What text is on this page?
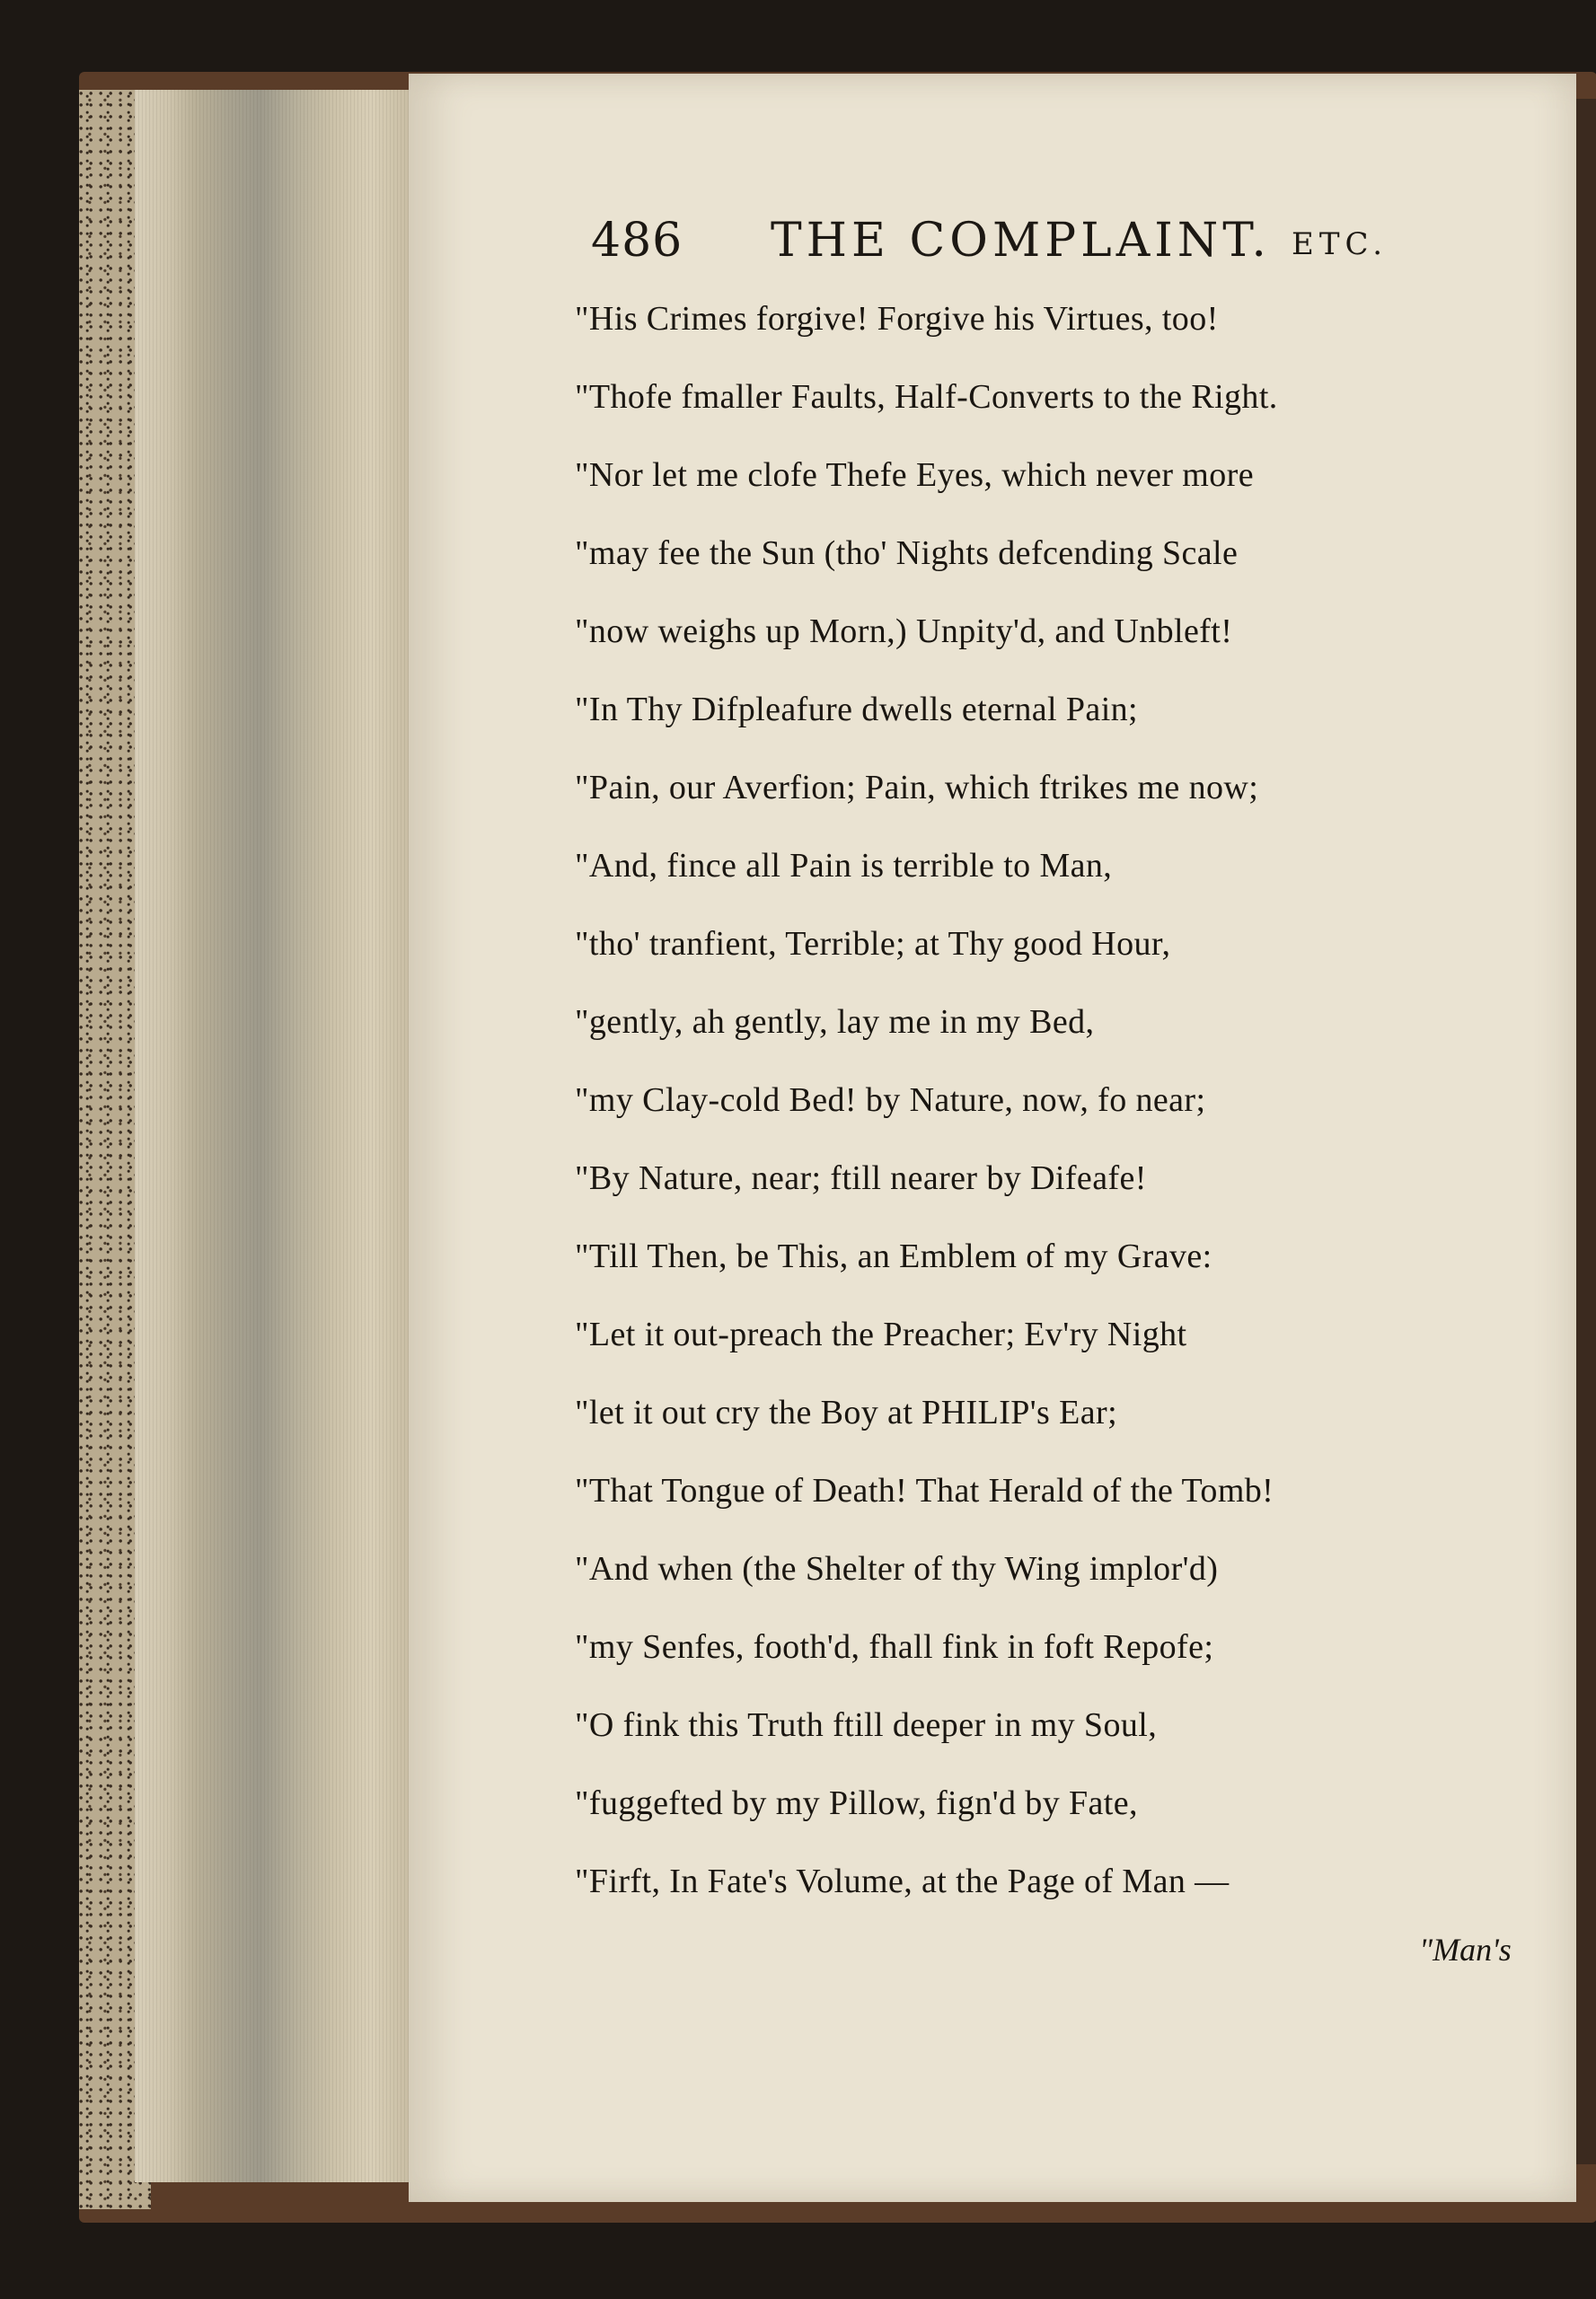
486 THE COMPLAINT. ETC.
"His Crimes forgive! Forgive his Virtues, too!
"Thofe fmaller Faults, Half-Converts to the Right.
"Nor let me clofe Thefe Eyes, which never more
"may fee the Sun (tho' Nights defcending Scale
"now weighs up Morn,) Unpity'd, and Unbleft!
"In Thy Difpleafure dwells eternal Pain;
"Pain, our Averfion; Pain, which ftrikes me now;
"And, fince all Pain is terrible to Man,
"tho' tranfient, Terrible; at Thy good Hour,
"gently, ah gently, lay me in my Bed,
"my Clay-cold Bed! by Nature, now, fo near;
"By Nature, near; ftill nearer by Difeafe!
"Till Then, be This, an Emblem of my Grave:
"Let it out-preach the Preacher; Ev'ry Night
"let it out cry the Boy at PHILIP's Ear;
"That Tongue of Death! That Herald of the Tomb!
"And when (the Shelter of thy Wing implor'd)
"my Senfes, footh'd, fhall fink in foft Repofe;
"O fink this Truth ftill deeper in my Soul,
"fuggefted by my Pillow, fign'd by Fate,
"Firft, In Fate's Volume, at the Page of Man —
"Man's
